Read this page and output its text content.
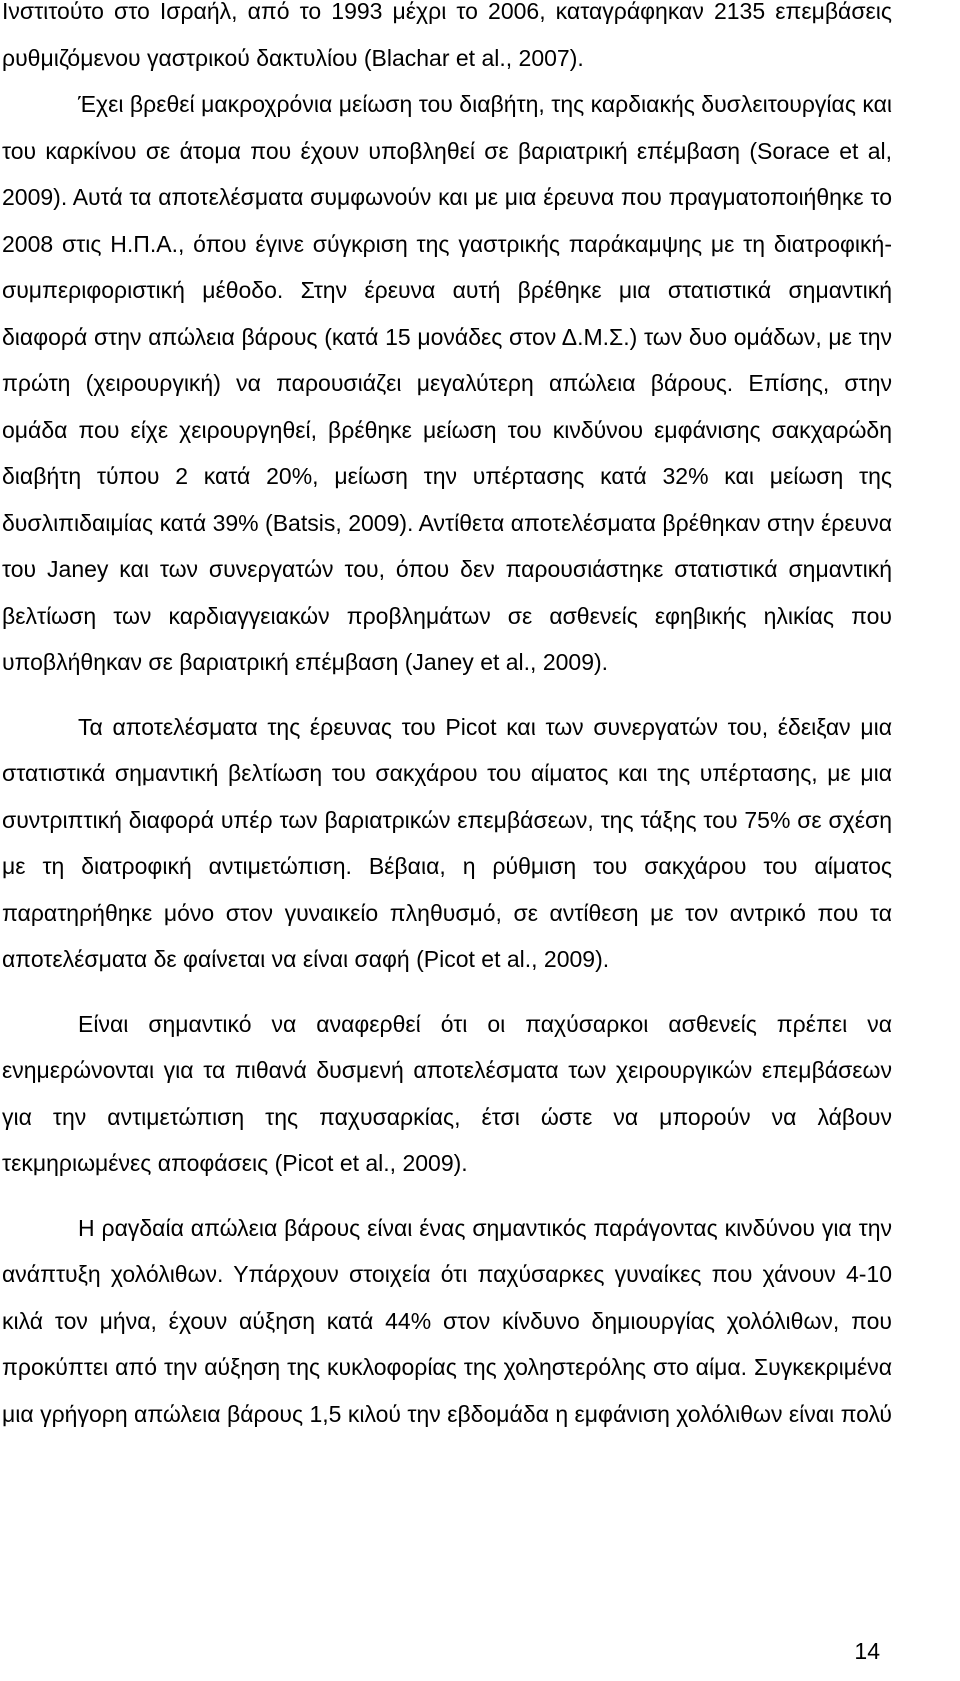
Ινστιτούτο στο Ισραήλ, από το 1993 μέχρι το 2006, καταγράφηκαν 2135 επεμβάσεις ρυθμιζόμενου γαστρικού δακτυλίου (Blachar et al., 2007).

Έχει βρεθεί μακροχρόνια μείωση του διαβήτη, της καρδιακής δυσλειτουργίας και του καρκίνου σε άτομα που έχουν υποβληθεί σε βαριατρική επέμβαση (Sorace et al, 2009). Αυτά τα αποτελέσματα συμφωνούν και με μια έρευνα που πραγματοποιήθηκε το 2008 στις Η.Π.Α., όπου έγινε σύγκριση της γαστρικής παράκαμψης με τη διατροφική-συμπεριφοριστική μέθοδο. Στην έρευνα αυτή βρέθηκε μια στατιστικά σημαντική διαφορά στην απώλεια βάρους (κατά 15 μονάδες στον Δ.Μ.Σ.) των δυο ομάδων, με την πρώτη (χειρουργική) να παρουσιάζει μεγαλύτερη απώλεια βάρους. Επίσης, στην ομάδα που είχε χειρουργηθεί, βρέθηκε μείωση του κινδύνου εμφάνισης σακχαρώδη διαβήτη τύπου 2 κατά 20%, μείωση την υπέρτασης κατά 32% και μείωση της δυσλιπιδαιμίας κατά 39% (Batsis, 2009). Αντίθετα αποτελέσματα βρέθηκαν στην έρευνα του Janey και των συνεργατών του, όπου δεν παρουσιάστηκε στατιστικά σημαντική βελτίωση των καρδιαγγειακών προβλημάτων σε ασθενείς εφηβικής ηλικίας που υποβλήθηκαν σε βαριατρική επέμβαση (Janey et al., 2009).

Τα αποτελέσματα της έρευνας του Picot και των συνεργατών του, έδειξαν μια στατιστικά σημαντική βελτίωση του σακχάρου του αίματος και της υπέρτασης, με μια συντριπτική διαφορά υπέρ των βαριατρικών επεμβάσεων, της τάξης του 75% σε σχέση με τη διατροφική αντιμετώπιση. Βέβαια, η ρύθμιση του σακχάρου του αίματος παρατηρήθηκε μόνο στον γυναικείο πληθυσμό, σε αντίθεση με τον αντρικό που τα αποτελέσματα δε φαίνεται να είναι σαφή (Picot et al., 2009).

Είναι σημαντικό να αναφερθεί ότι οι παχύσαρκοι ασθενείς πρέπει να ενημερώνονται για τα πιθανά δυσμενή αποτελέσματα των χειρουργικών επεμβάσεων για την αντιμετώπιση της παχυσαρκίας, έτσι ώστε να μπορούν να λάβουν τεκμηριωμένες αποφάσεις (Picot et al., 2009).

Η ραγδαία απώλεια βάρους είναι ένας σημαντικός παράγοντας κινδύνου για την ανάπτυξη χολόλιθων. Υπάρχουν στοιχεία ότι παχύσαρκες γυναίκες που χάνουν 4-10 κιλά τον μήνα, έχουν αύξηση κατά 44% στον κίνδυνο δημιουργίας χολόλιθων, που προκύπτει από την αύξηση της κυκλοφορίας της χοληστερόλης στο αίμα. Συγκεκριμένα μια γρήγορη απώλεια βάρους 1,5 κιλού την εβδομάδα η εμφάνιση χολόλιθων είναι πολύ

14
